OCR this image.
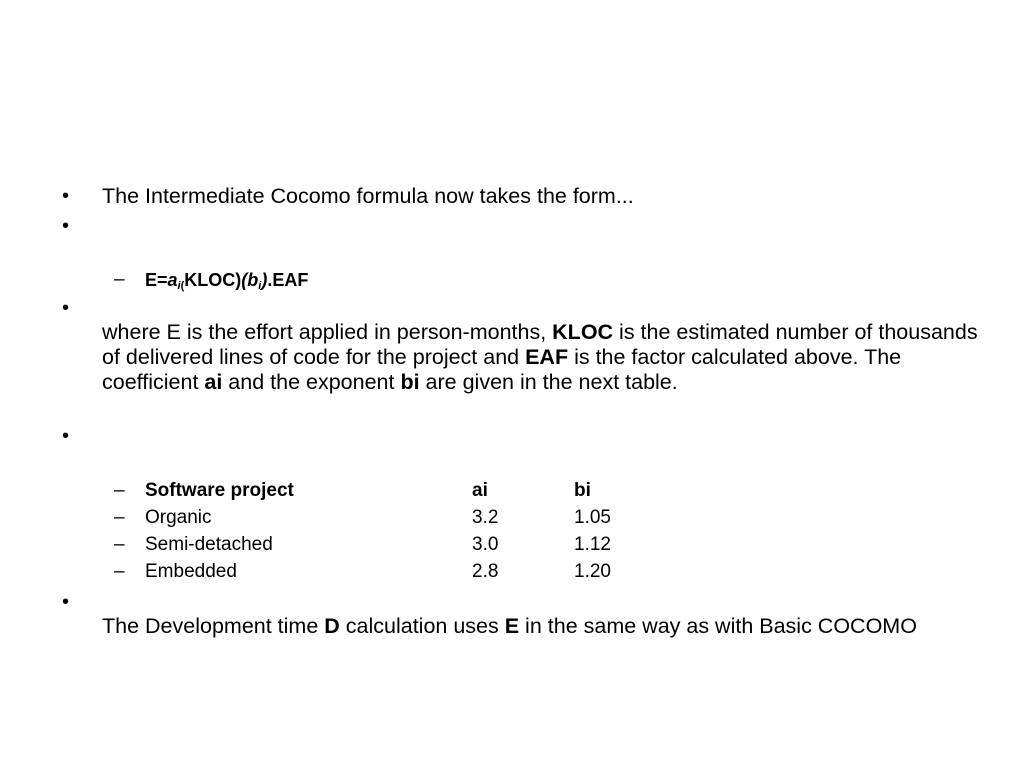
• The Intermediate Cocomo formula now takes the form...
•
– $E=a_{i(}KLOC)(b_i).EAF$
•
where E is the effort applied in person-months, KLOC is the estimated number of thousands of delivered lines of code for the project and EAF is the factor calculated above. The coefficient ai and the exponent bi are given in the next table.
•
– Software project	ai	bi
– Organic	3.2	1.05
– Semi-detached	3.0	1.12
– Embedded	2.8	1.20
•
The Development time D calculation uses E in the same way as with Basic COCOMO
